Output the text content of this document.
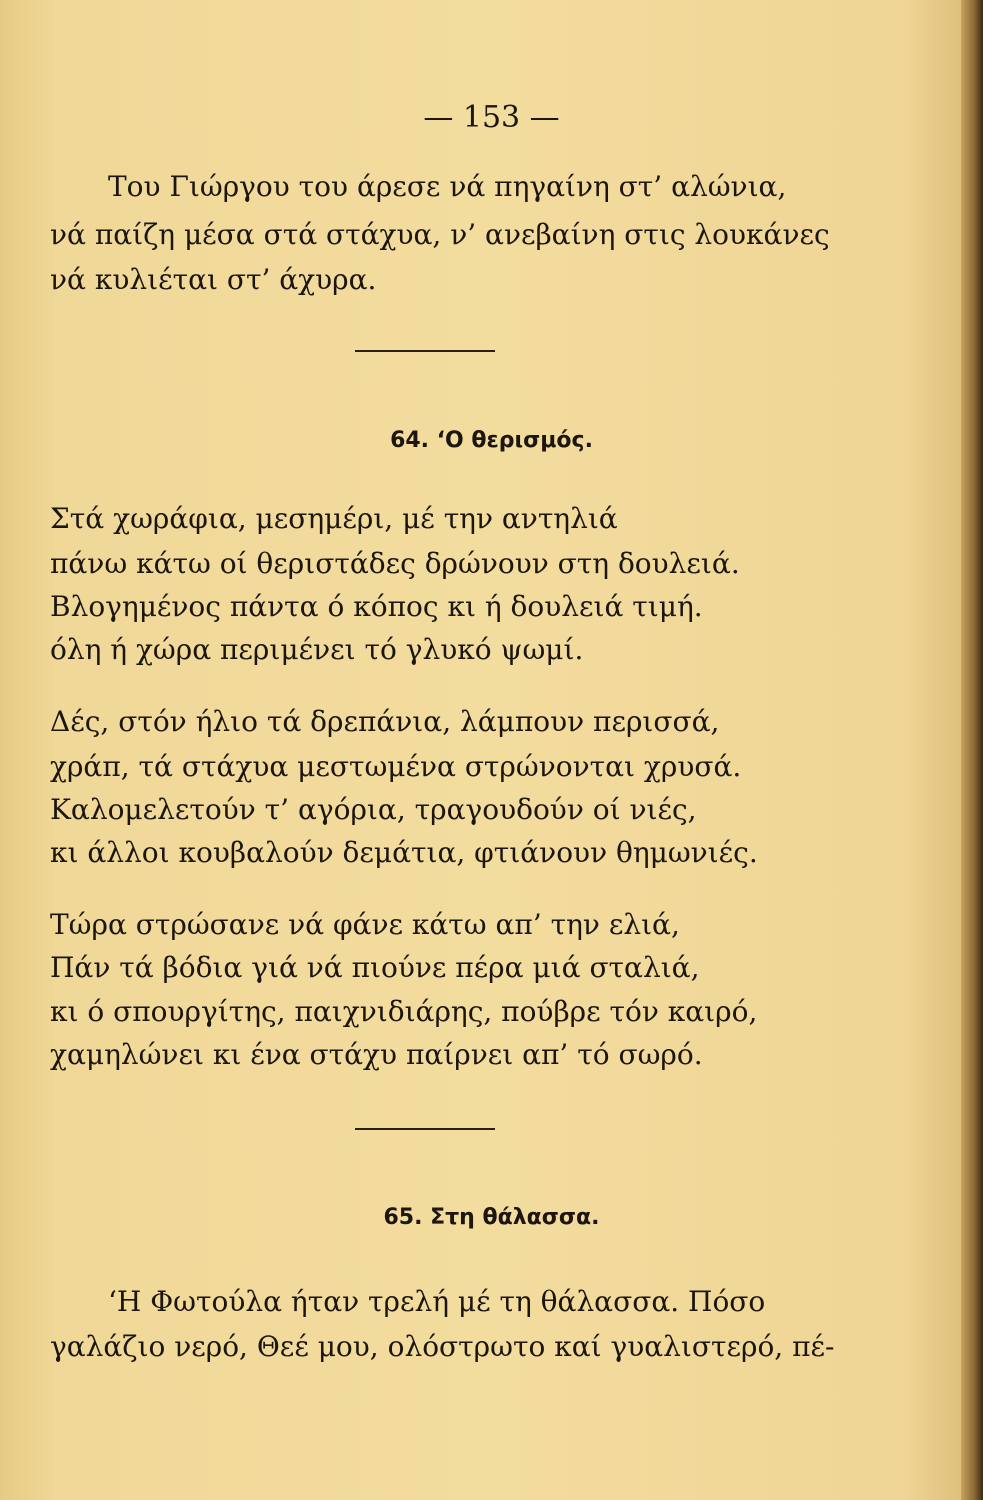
— 153 —
Του Γιώργου του άρεσε νά πηγαίνη στ’ αλώνια,
νά παίζη μέσα στά στάχυα, ν’ ανεβαίνη στις λουκάνες
νά κυλιέται στ’ άχυρα.
64. ‘Ο θερισμός.
Στά χωράφια, μεσημέρι, μέ την αντηλιά
πάνω κάτω οί θεριστάδες δρώνουν στη δουλειά.
Βλογημένος πάντα ό κόπος κι ή δουλειά τιμή.
όλη ή χώρα περιμένει τό γλυκό ψωμί.
Δές, στόν ήλιο τά δρεπάνια, λάμπουν περισσά,
χράπ, τά στάχυα μεστωμένα στρώνονται χρυσά.
Καλομελετούν τ’ αγόρια, τραγουδούν οί νιές,
κι άλλοι κουβαλούν δεμάτια, φτιάνουν θημωνιές.
Τώρα στρώσανε νά φάνε κάτω απ’ την ελιά,
Πάν τά βόδια γιά νά πιούνε πέρα μιά σταλιά,
κι ό σπουργίτης, παιχνιδιάρης, πούβρε τόν καιρό,
χαμηλώνει κι ένα στάχυ παίρνει απ’ τό σωρό.
65. Στη θάλασσα.
‘Η Φωτούλα ήταν τρελή μέ τη θάλασσα. Πόσο
γαλάζιο νερό, Θεέ μου, ολόστρωτο καί γυαλιστερό, πέ-
